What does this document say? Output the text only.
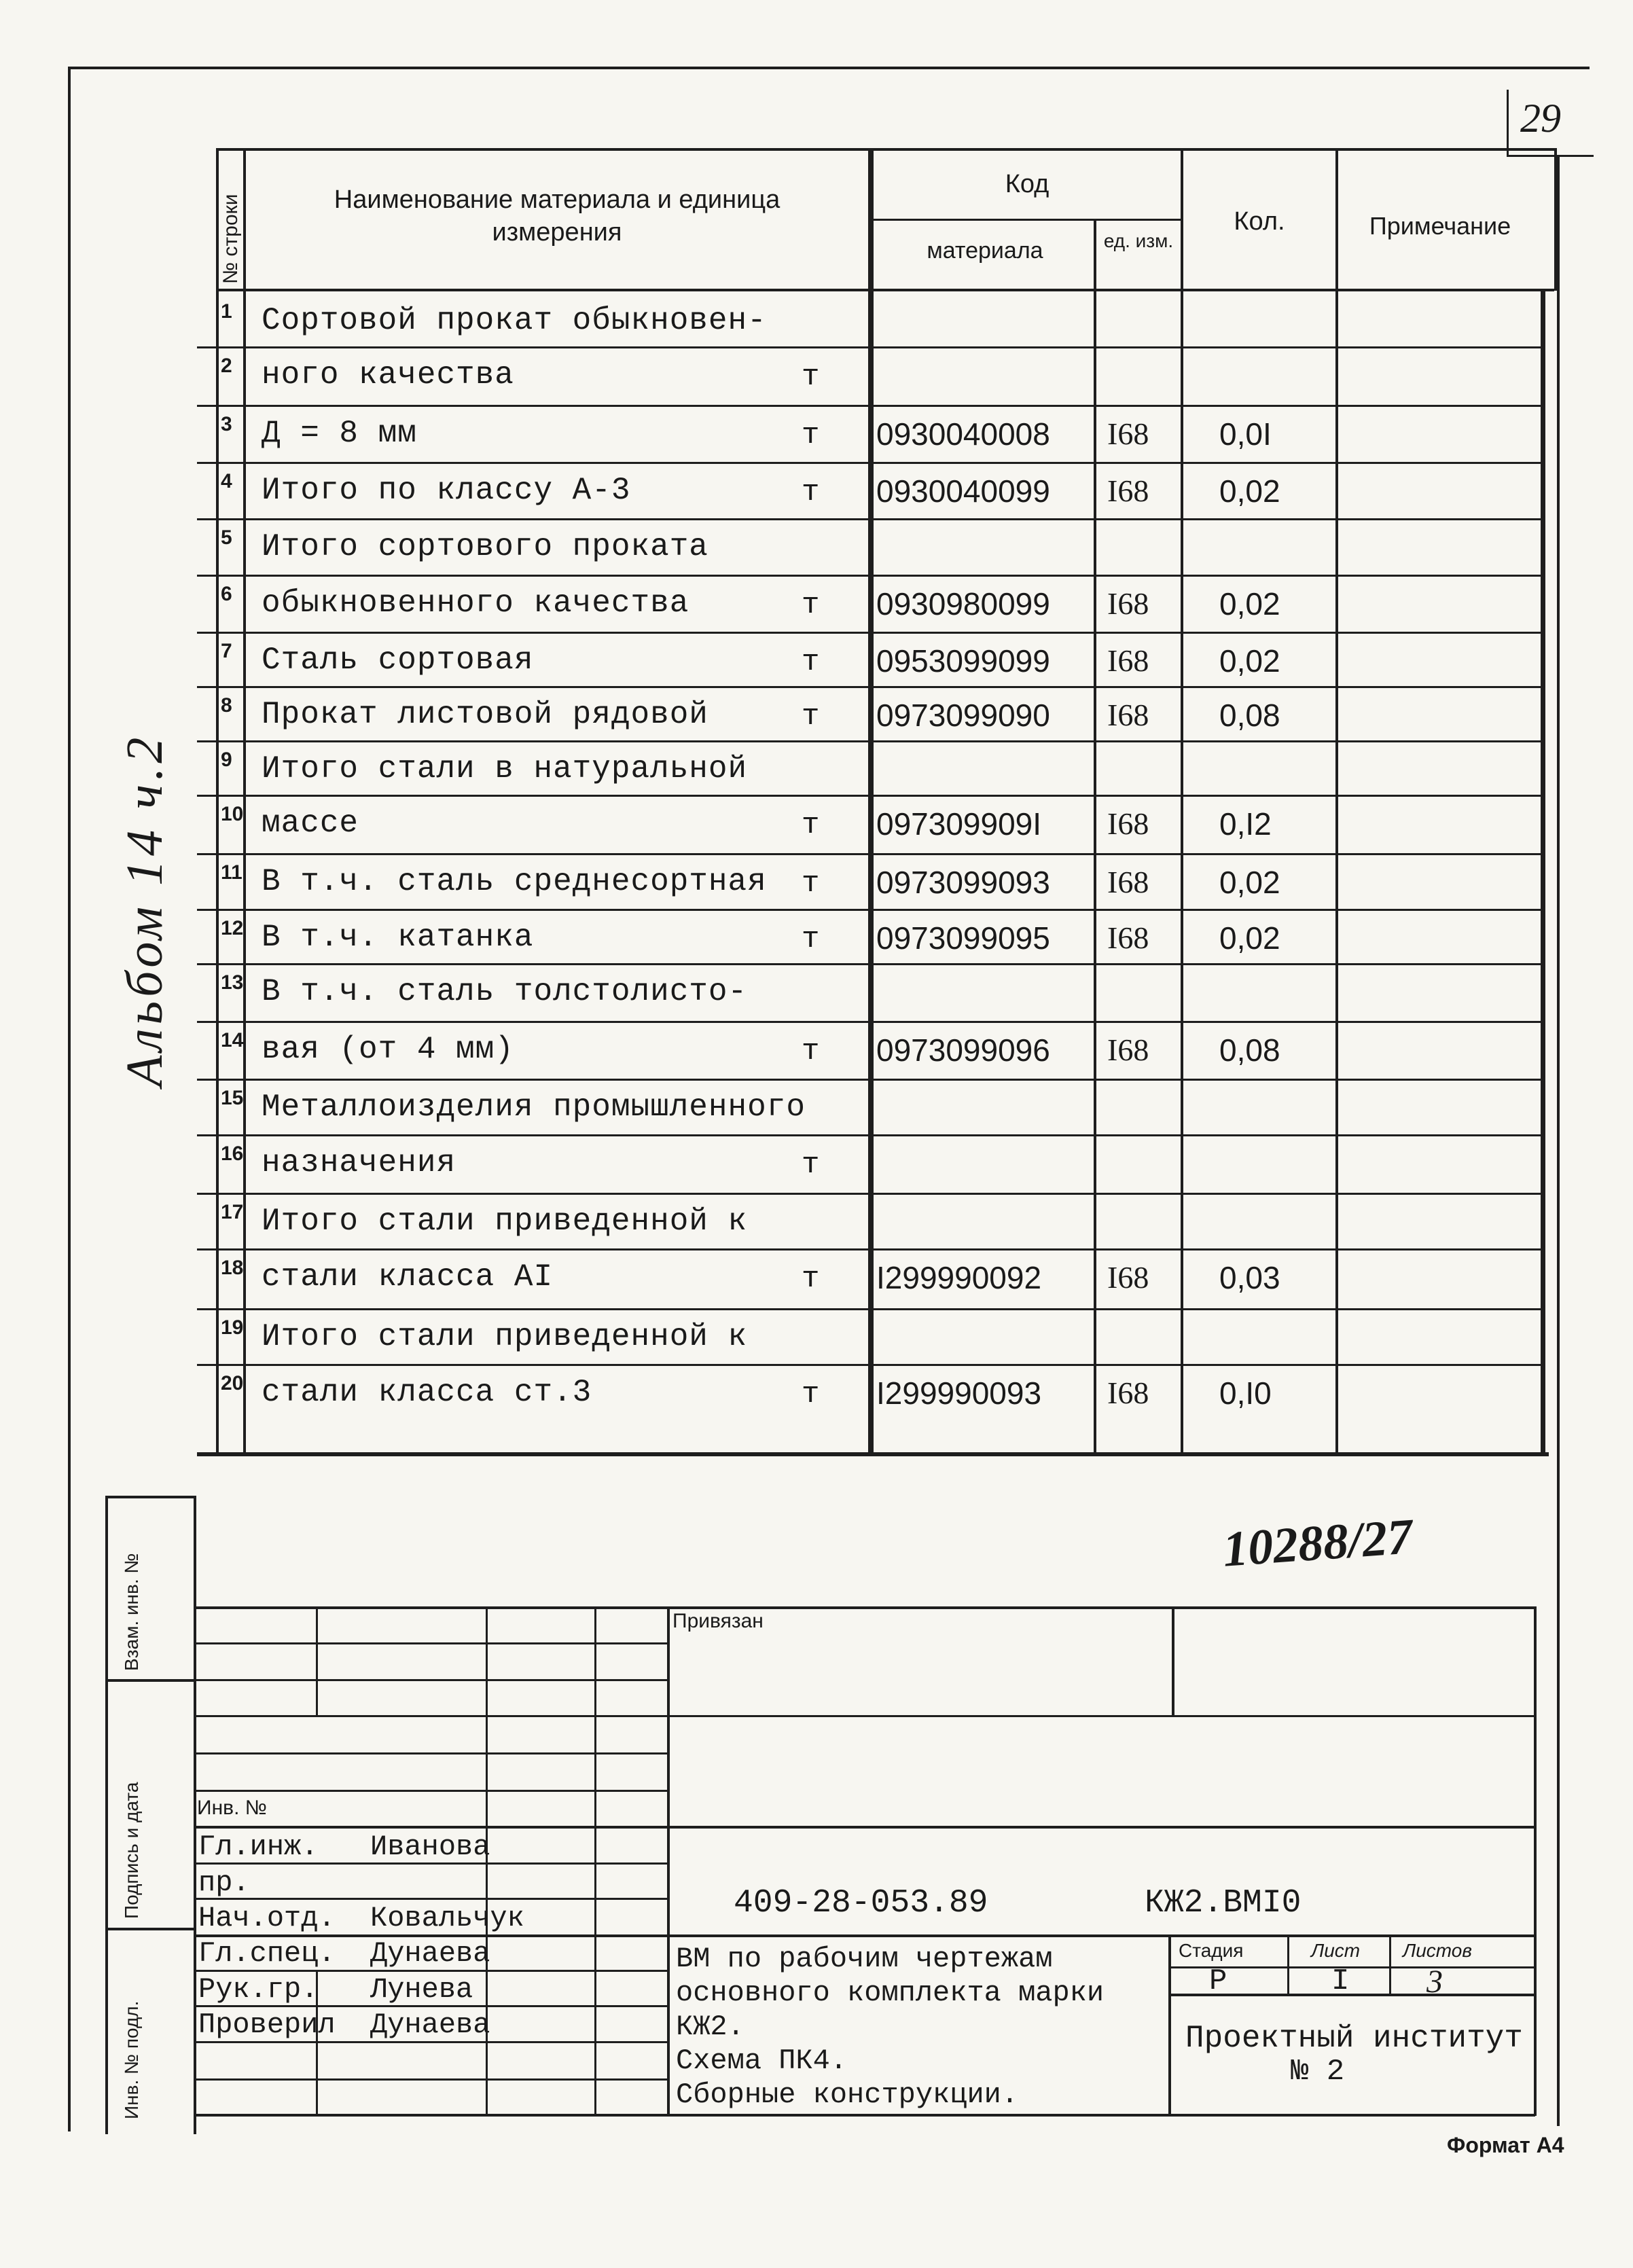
29
№ строки	Наименование материала и единица измерения
Код
материала	ед. изм.
Кол.	Примечание
1 Сортовой прокат обыкновен-
2 ного качества	т
3 Д = 8 мм	т 0930040008 I68 0,0I
4 Итого по классу А-3	т 0930040099 I68 0,02
5 Итого сортового проката
6 обыкновенного качества	т 0930980099 I68 0,02
7 Сталь сортовая	т 0953099099 I68 0,02
8 Прокат листовой рядовой	т 0973099090 I68 0,08
9 Итого стали в натуральной
10 массе	т 097309909I I68 0,I2
11 В т.ч. сталь среднесортная т 0973099093 I68 0,02
12 В т.ч. катанка	т 0973099095 I68 0,02
13 В т.ч. сталь толстолисто-
14 вая (от 4 мм)	т 0973099096 I68 0,08
15 Металлоизделия промышленного
16 назначения	т
17 Итого стали приведенной к
18 стали класса АI	т I299990092 I68 0,03
19 Итого стали приведенной к
20 стали класса ст.3	т I299990093 I68 0,I0
10288/27
Взам. инв. №
Подпись и дата
Инв. № подл.
Альбом 14 ч.2
Привязан
Инв. №
Гл.инж. Иванова
пр.
Нач.отд. Ковальчук
Гл.спец. Дунаева
Рук.гр. Лунева
Проверил Дунаева
409-28-053.89	КЖ2.ВМI0
ВМ по рабочим чертежам
основного комплекта марки
КЖ2.
Схема ПК4.
Сборные конструкции.
Стадия	Лист Листов
Р	I 3
Проектный институт
№ 2
Формат А4
